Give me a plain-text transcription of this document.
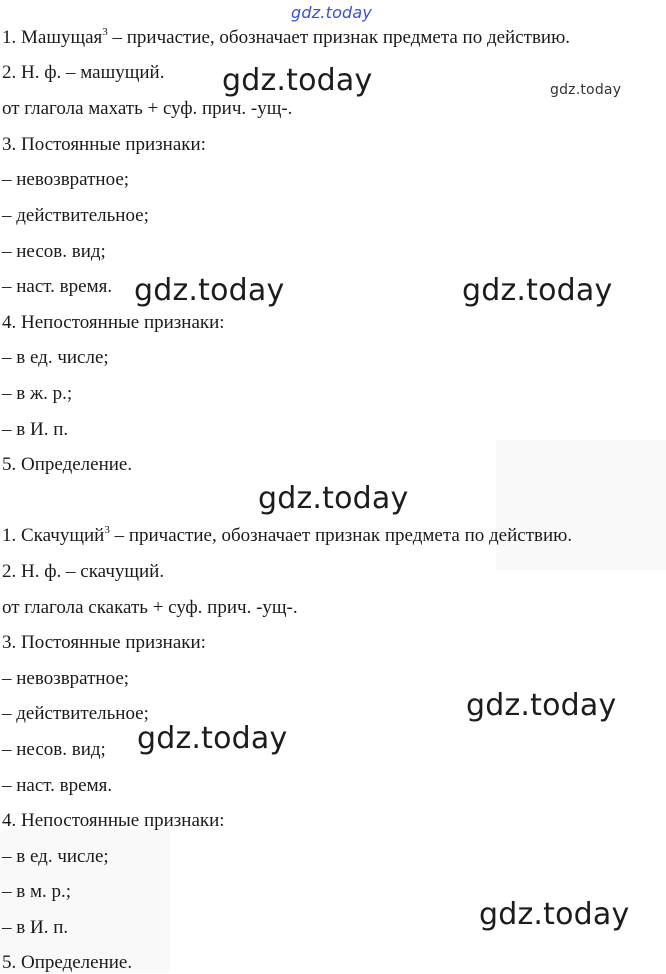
1. Машущая$^3$ – причастие, обозначает признак предмета по действию.
2. Н. ф. – машущий.
от глагола махать + суф. прич. -ущ-.
3. Постоянные признаки:
– невозвратное;
– действительное;
– несов. вид;
– наст. время.
4. Непостоянные признаки:
– в ед. числе;
– в ж. р.;
– в И. п.
5. Определение.
1. Скачущий$^3$ – причастие, обозначает признак предмета по действию.
2. Н. ф. – скачущий.
от глагола скакать + суф. прич. -ущ-.
3. Постоянные признаки:
– невозвратное;
– действительное;
– несов. вид;
– наст. время.
4. Непостоянные признаки:
– в ед. числе;
– в м. р.;
– в И. п.
5. Определение.
gdz.today
gdz.today	gdz.today
gdz.today	gdz.today
gdz.today
gdz.today
gdz.today
gdz.today
